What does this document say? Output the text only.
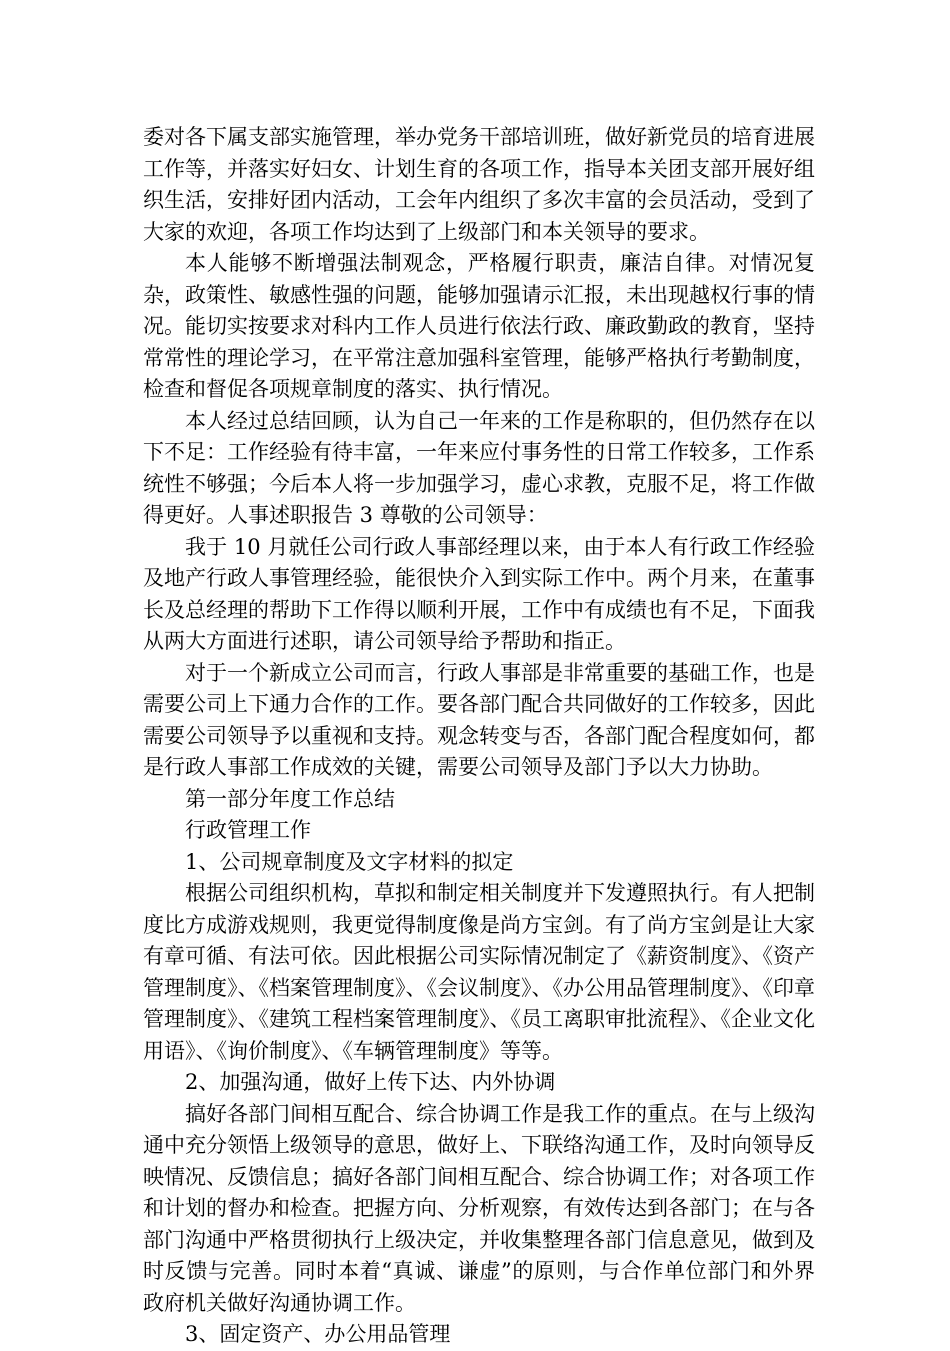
委对各下属支部实施管理，举办党务干部培训班，做好新党员的培育进展工作等，并落实好妇女、计划生育的各项工作，指导本关团支部开展好组织生活，安排好团内活动，工会年内组织了多次丰富的会员活动，受到了大家的欢迎，各项工作均达到了上级部门和本关领导的要求。

本人能够不断增强法制观念，严格履行职责，廉洁自律。对情况复杂，政策性、敏感性强的问题，能够加强请示汇报，未出现越权行事的情况。能切实按要求对科内工作人员进行依法行政、廉政勤政的教育，坚持常常性的理论学习，在平常注意加强科室管理，能够严格执行考勤制度，检查和督促各项规章制度的落实、执行情况。

本人经过总结回顾，认为自己一年来的工作是称职的，但仍然存在以下不足：工作经验有待丰富，一年来应付事务性的日常工作较多，工作系统性不够强；今后本人将一步加强学习，虚心求教，克服不足，将工作做得更好。人事述职报告 3 尊敬的公司领导：

我于 10 月就任公司行政人事部经理以来，由于本人有行政工作经验及地产行政人事管理经验，能很快介入到实际工作中。两个月来，在董事长及总经理的帮助下工作得以顺利开展，工作中有成绩也有不足，下面我从两大方面进行述职，请公司领导给予帮助和指正。

对于一个新成立公司而言，行政人事部是非常重要的基础工作，也是需要公司上下通力合作的工作。要各部门配合共同做好的工作较多，因此需要公司领导予以重视和支持。观念转变与否，各部门配合程度如何，都是行政人事部工作成效的关键，需要公司领导及部门予以大力协助。

第一部分年度工作总结

行政管理工作

1、公司规章制度及文字材料的拟定

根据公司组织机构，草拟和制定相关制度并下发遵照执行。有人把制度比方成游戏规则，我更觉得制度像是尚方宝剑。有了尚方宝剑是让大家有章可循、有法可依。因此根据公司实际情况制定了《薪资制度》、《资产管理制度》、《档案管理制度》、《会议制度》、《办公用品管理制度》、《印章管理制度》、《建筑工程档案管理制度》、《员工离职审批流程》、《企业文化用语》、《询价制度》、《车辆管理制度》等等。

2、加强沟通，做好上传下达、内外协调

搞好各部门间相互配合、综合协调工作是我工作的重点。在与上级沟通中充分领悟上级领导的意思，做好上、下联络沟通工作，及时向领导反映情况、反馈信息；搞好各部门间相互配合、综合协调工作；对各项工作和计划的督办和检查。把握方向、分析观察，有效传达到各部门；在与各部门沟通中严格贯彻执行上级决定，并收集整理各部门信息意见，做到及时反馈与完善。同时本着“真诚、谦虚”的原则，与合作单位部门和外界政府机关做好沟通协调工作。

3、固定资产、办公用品管理
